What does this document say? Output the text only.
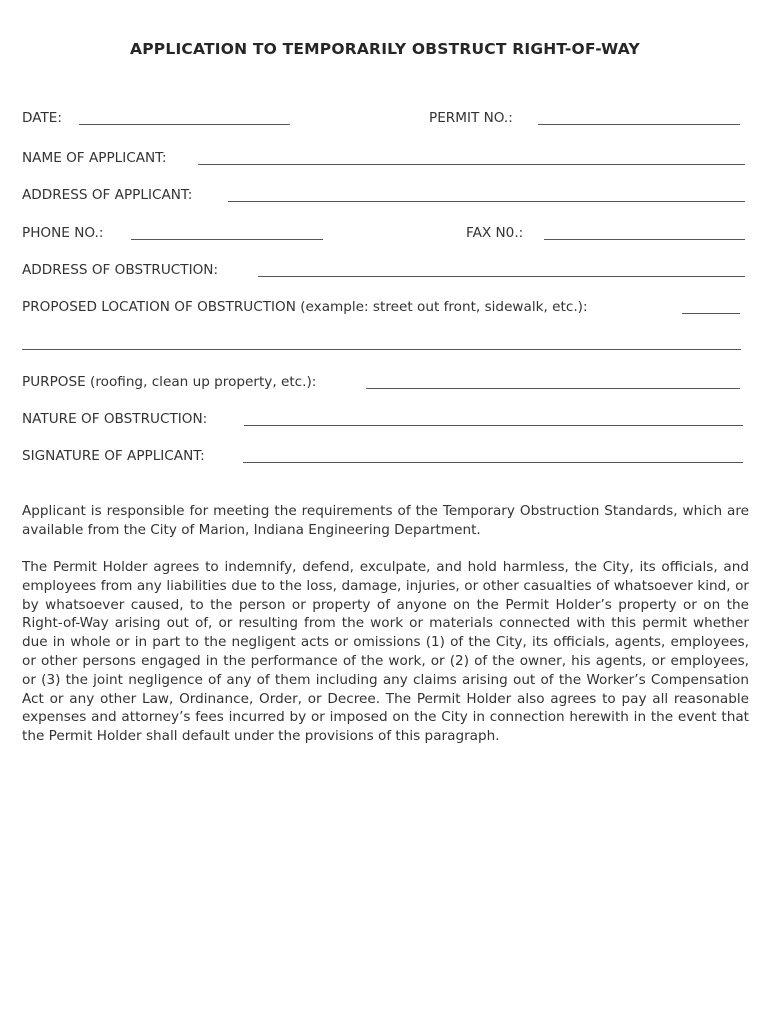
APPLICATION TO TEMPORARILY OBSTRUCT RIGHT-OF-WAY
DATE:	PERMIT NO.:
NAME OF APPLICANT:
ADDRESS OF APPLICANT:
PHONE NO.:	FAX N0.:
ADDRESS OF OBSTRUCTION:
PROPOSED LOCATION OF OBSTRUCTION (example: street out front, sidewalk, etc.):
PURPOSE (roofing, clean up property, etc.):
NATURE OF OBSTRUCTION:
SIGNATURE OF APPLICANT:
Applicant is responsible for meeting the requirements of the Temporary Obstruction Standards, which are available from the City of Marion, Indiana Engineering Department.
The Permit Holder agrees to indemnify, defend, exculpate, and hold harmless, the City, its officials, and employees from any liabilities due to the loss, damage, injuries, or other casualties of whatsoever kind, or by whatsoever caused, to the person or property of anyone on the Permit Holder’s property or on the Right-of-Way arising out of, or resulting from the work or materials connected with this permit whether due in whole or in part to the negligent acts or omissions (1) of the City, its officials, agents, employees, or other persons engaged in the performance of the work, or (2) of the owner, his agents, or employees, or (3) the joint negligence of any of them including any claims arising out of the Worker’s Compensation Act or any other Law, Ordinance, Order, or Decree. The Permit Holder also agrees to pay all reasonable expenses and attorney’s fees incurred by or imposed on the City in connection herewith in the event that the Permit Holder shall default under the provisions of this paragraph.
